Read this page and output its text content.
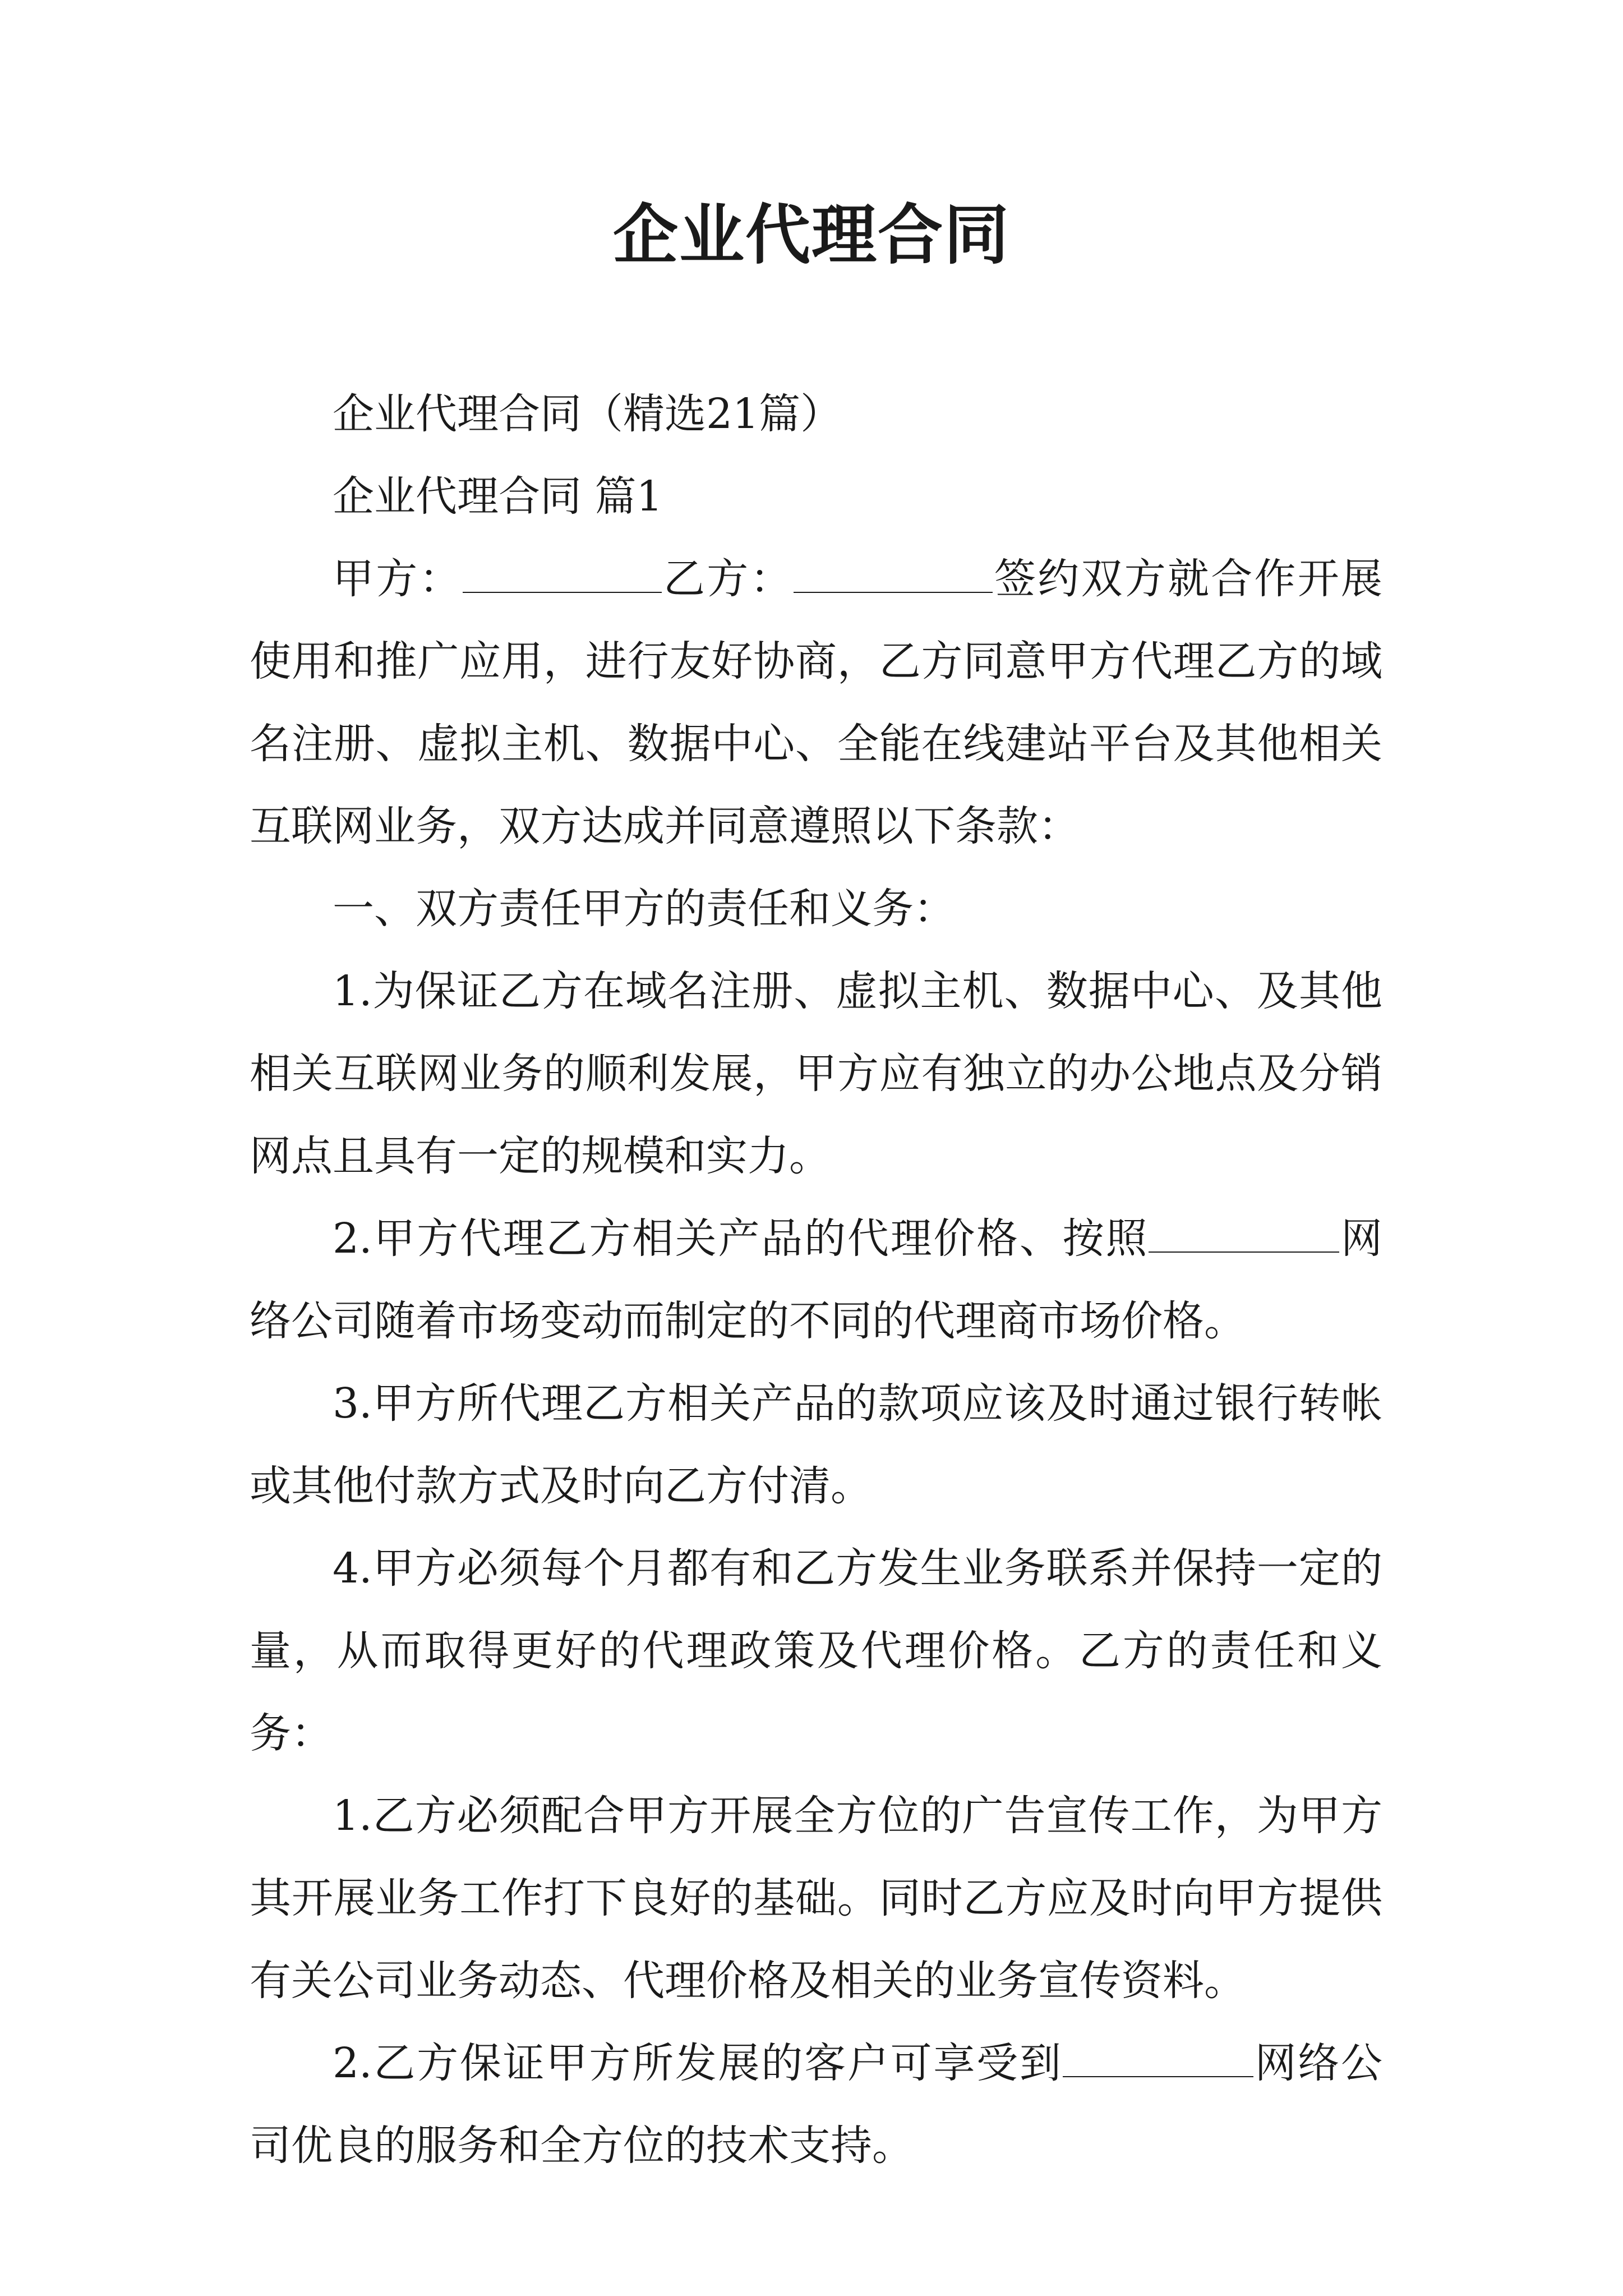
企业代理合同

企业代理合同（精选21篇）

企业代理合同 篇1

甲方：	乙方：	签约双方就合作开展使用和推广应用，进行友好协商，乙方同意甲方代理乙方的域名注册、虚拟主机、数据中心、全能在线建站平台及其他相关互联网业务，双方达成并同意遵照以下条款：

一、双方责任甲方的责任和义务：

1.为保证乙方在域名注册、虚拟主机、数据中心、及其他相关互联网业务的顺利发展，甲方应有独立的办公地点及分销网点且具有一定的规模和实力。

2.甲方代理乙方相关产品的代理价格、按照	网络公司随着市场变动而制定的不同的代理商市场价格。

3.甲方所代理乙方相关产品的款项应该及时通过银行转帐或其他付款方式及时向乙方付清。

4.甲方必须每个月都有和乙方发生业务联系并保持一定的量，从而取得更好的代理政策及代理价格。乙方的责任和义务：

1.乙方必须配合甲方开展全方位的广告宣传工作，为甲方其开展业务工作打下良好的基础。同时乙方应及时向甲方提供有关公司业务动态、代理价格及相关的业务宣传资料。

2.乙方保证甲方所发展的客户可享受到	网络公司优良的服务和全方位的技术支持。
